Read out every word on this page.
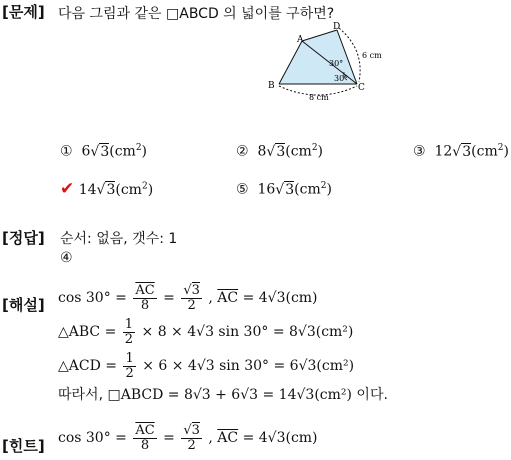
[문제] 다음 그림과 같은 □ABCD 의 넓이를 구하면?
A
D
B	C
30°
30°
8 cm
6 cm
① $6√3(cm^2)$	② $8√3(cm^2)$	③ $12√3(cm^2)$
✔ $14√3(cm^2)$	⑤ $16√3(cm^2)$
[정답] 순서: 없음, 갯수: 1
④
[해설] $\cos 30^\circ = \frac{\overline{AC}}{8} = \frac{√3}{2}$ , $\overline{AC} = 4√3(cm)$
△ABC = $\frac{1}{2} \times 8 \times 4√3$ sin 30° = 8√3(cm²)
△ACD = $\frac{1}{2} \times 6 \times 4√3$ sin 30° = 6√3(cm²)
따라서, □ABCD = 8√3 + 6√3 = 14√3(cm²) 이다.
[힌트] $\cos 30^\circ = \frac{\overline{AC}}{8} = \frac{√3}{2}$ , $\overline{AC} = 4√3(cm)$
